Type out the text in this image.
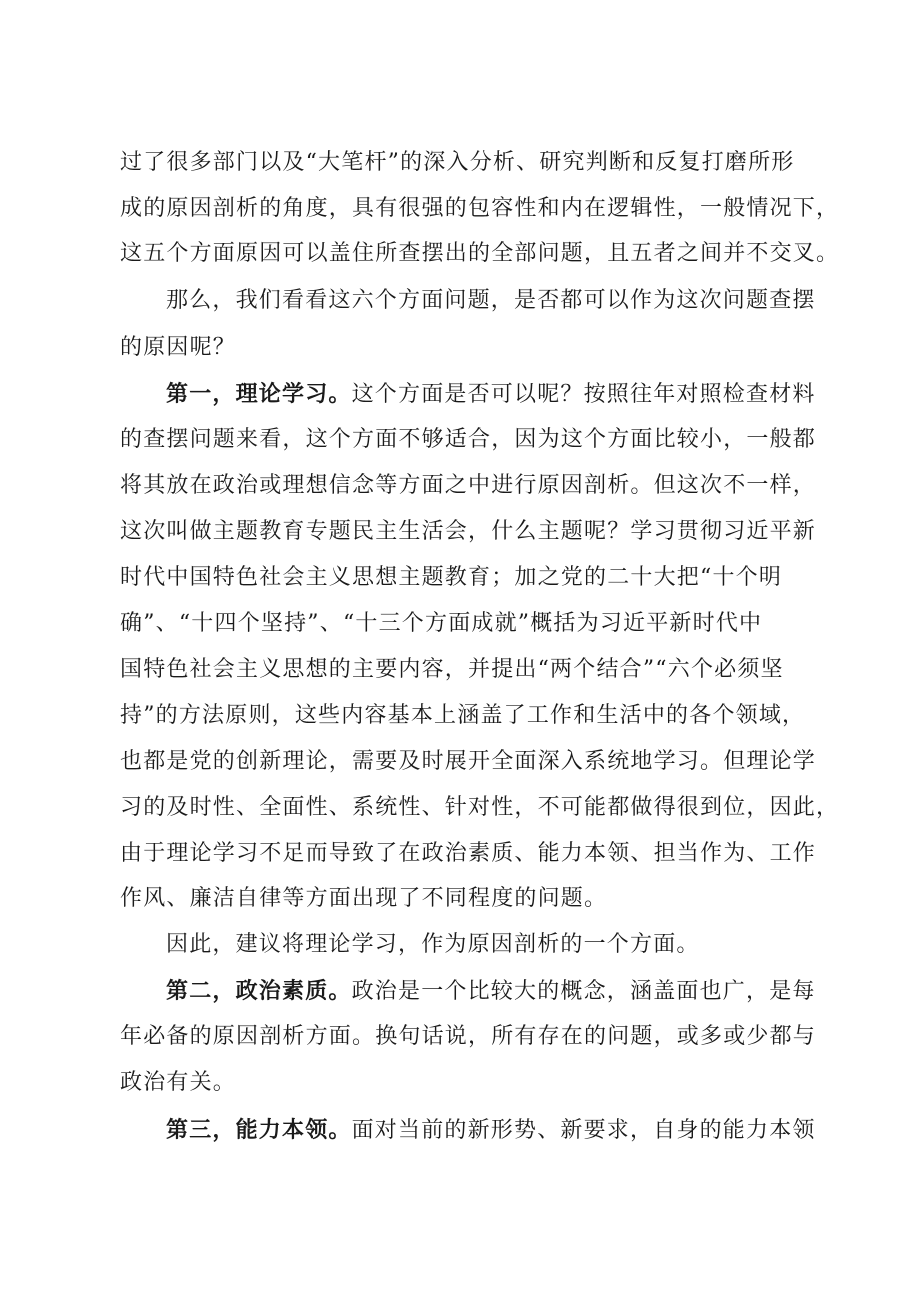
过了很多部门以及“大笔杆”的深入分析、研究判断和反复打磨所形
成的原因剖析的角度，具有很强的包容性和内在逻辑性，一般情况下，
这五个方面原因可以盖住所查摆出的全部问题，且五者之间并不交叉。
那么，我们看看这六个方面问题，是否都可以作为这次问题查摆
的原因呢？
第一，理论学习。这个方面是否可以呢？按照往年对照检查材料
的查摆问题来看，这个方面不够适合，因为这个方面比较小，一般都
将其放在政治或理想信念等方面之中进行原因剖析。但这次不一样，
这次叫做主题教育专题民主生活会，什么主题呢？学习贯彻习近平新
时代中国特色社会主义思想主题教育；加之党的二十大把“十个明
确”、“十四个坚持”、“十三个方面成就”概括为习近平新时代中
国特色社会主义思想的主要内容，并提出“两个结合”“六个必须坚
持”的方法原则，这些内容基本上涵盖了工作和生活中的各个领域，
也都是党的创新理论，需要及时展开全面深入系统地学习。但理论学
习的及时性、全面性、系统性、针对性，不可能都做得很到位，因此，
由于理论学习不足而导致了在政治素质、能力本领、担当作为、工作
作风、廉洁自律等方面出现了不同程度的问题。
因此，建议将理论学习，作为原因剖析的一个方面。
第二，政治素质。政治是一个比较大的概念，涵盖面也广，是每
年必备的原因剖析方面。换句话说，所有存在的问题，或多或少都与
政治有关。
第三，能力本领。面对当前的新形势、新要求，自身的能力本领
